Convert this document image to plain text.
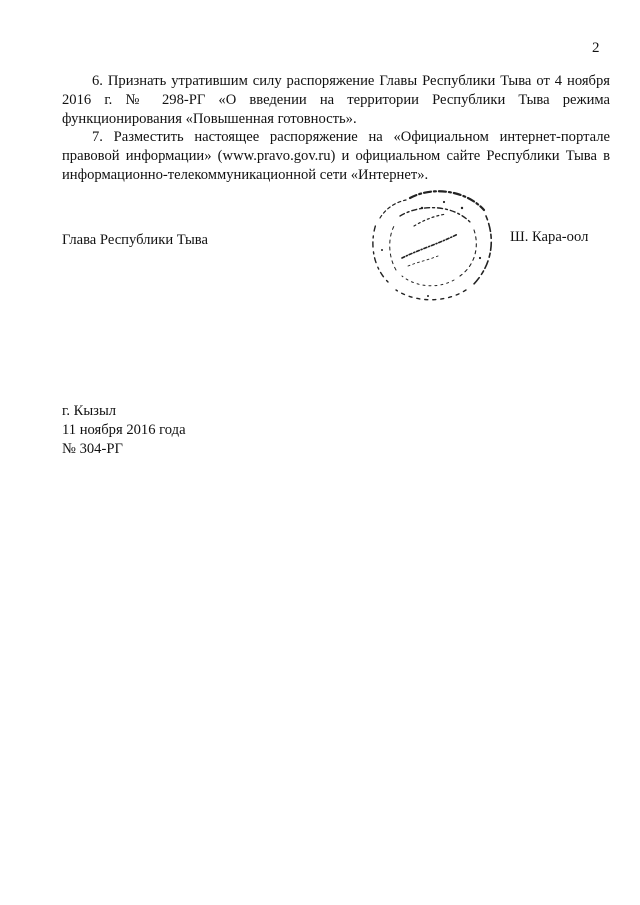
2

6. Признать утратившим силу распоряжение Главы Республики Тыва от 4 ноября 2016 г. № 298-РГ «О введении на территории Республики Тыва режима функционирования «Повышенная готовность».

7. Разместить настоящее распоряжение на «Официальном интернет-портале правовой информации» (www.pravo.gov.ru) и официальном сайте Республики Тыва в информационно-телекоммуникационной сети «Интернет».

Глава Республики Тыва	Ш. Кара-оол
г. Кызыл
11 ноября 2016 года
№ 304-РГ
